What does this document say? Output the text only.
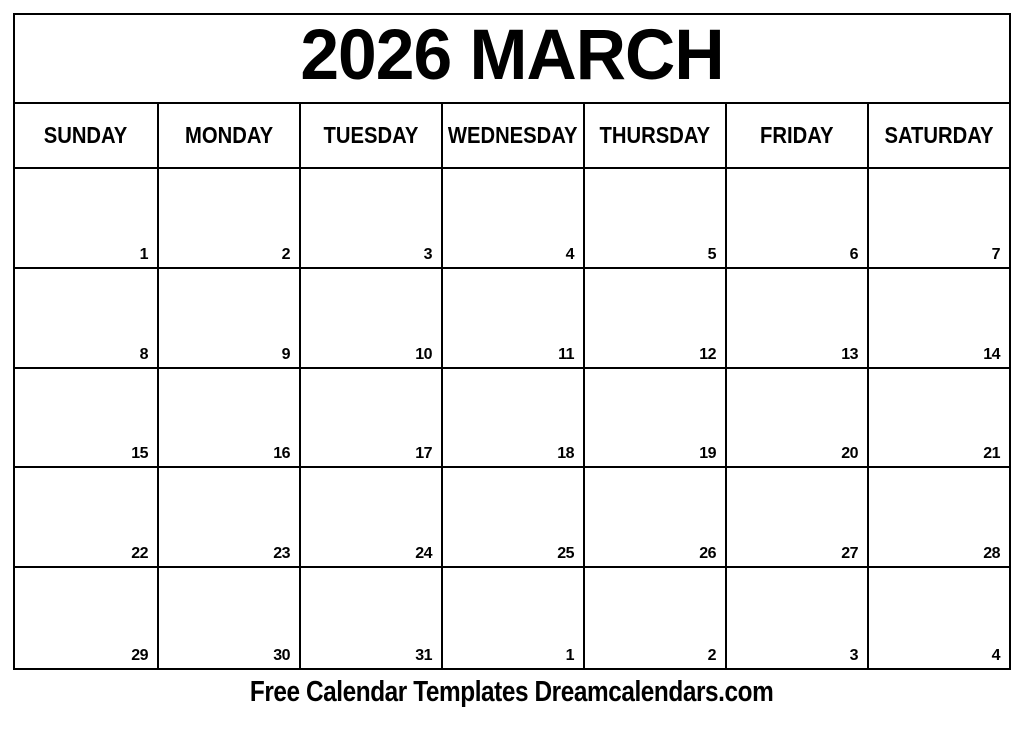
2026 MARCH
SUNDAY MONDAY TUESDAY WEDNESDAY THURSDAY FRIDAY SATURDAY
1	2	3	4	5	6	7
8	9	10	11	12	13	14
15	16	17	18	19	20	21
22	23	24	25	26	27	28
29	30	31	1	2	3	4
Free Calendar Templates Dreamcalendars.com
